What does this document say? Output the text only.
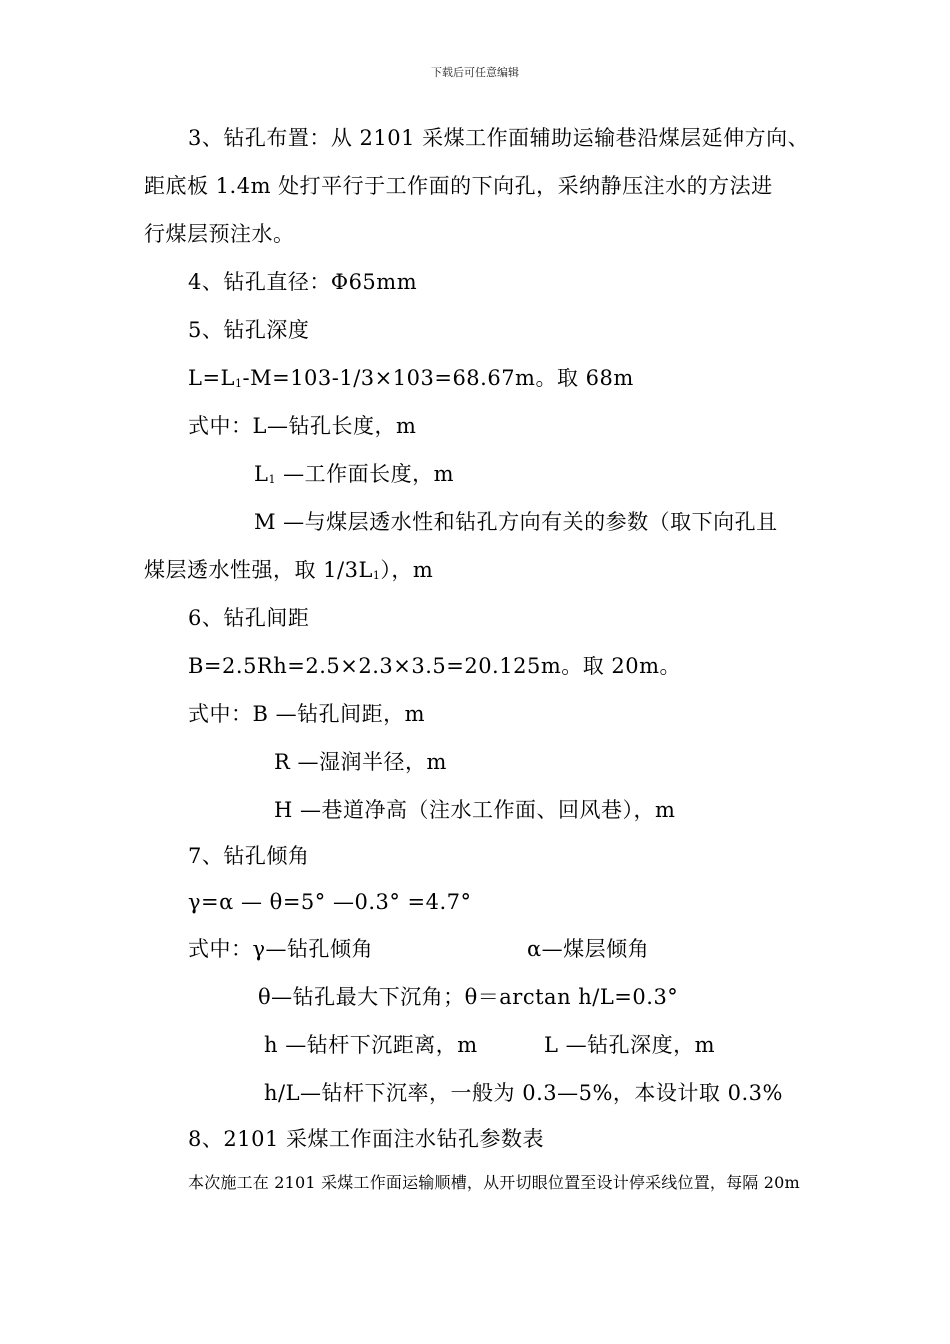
下载后可任意编辑
3、钻孔布置：从 2101 采煤工作面辅助运输巷沿煤层延伸方向、
距底板 1.4m 处打平行于工作面的下向孔，采纳静压注水的方法进
行煤层预注水。
4、钻孔直径：Φ65mm
5、钻孔深度
$L=L_1-M=103-1/3\times 103=68.67m$。取 68m
式中：L—钻孔长度，m
$L_1$ —工作面长度，m
M —与煤层透水性和钻孔方向有关的参数（取下向孔且
煤层透水性强，取 $1/3L_1$），m
6、钻孔间距
B=2.5Rh=2.5×2.3×3.5=20.125m。取 20m。
式中：B —钻孔间距，m
R —湿润半径，m
H —巷道净高（注水工作面、回风巷），m
7、钻孔倾角
γ=α — θ=5° —0.3° =4.7°
式中：γ—钻孔倾角	α—煤层倾角
θ—钻孔最大下沉角；θ＝arctan h/L=0.3°
h —钻杆下沉距离，m	L —钻孔深度，m
h/L—钻杆下沉率，一般为 0.3—5%，本设计取 0.3%
8、2101 采煤工作面注水钻孔参数表
本次施工在 2101 采煤工作面运输顺槽，从开切眼位置至设计停采线位置，每隔 20m
